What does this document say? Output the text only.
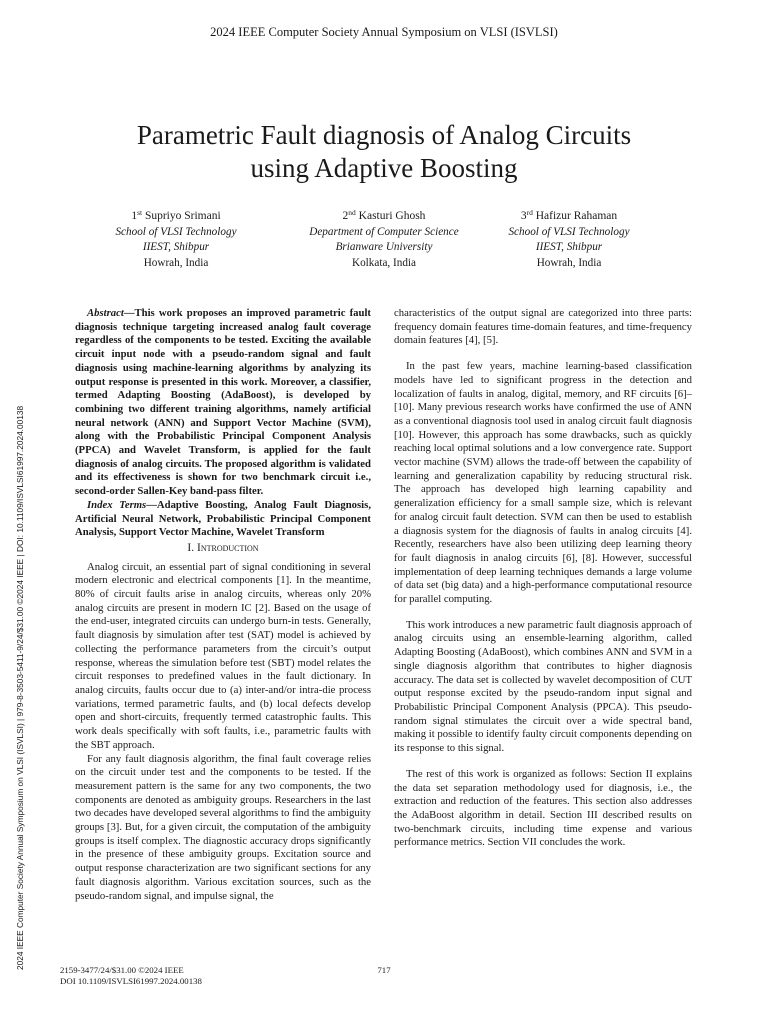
2024 IEEE Computer Society Annual Symposium on VLSI (ISVLSI)
Parametric Fault diagnosis of Analog Circuits
using Adaptive Boosting
1st Supriyo Srimani
School of VLSI Technology
IIEST, Shibpur
Howrah, India
2nd Kasturi Ghosh
Department of Computer Science
Brianware University
Kolkata, India
3rd Hafizur Rahaman
School of VLSI Technology
IIEST, Shibpur
Howrah, India
2024 IEEE Computer Society Annual Symposium on VLSI (ISVLSI) | 979-8-3503-5411-9/24/$31.00 ©2024 IEEE | DOI: 10.1109/ISVLSI61997.2024.00138

Abstract—This work proposes an improved parametric fault diagnosis technique targeting increased analog fault coverage regardless of the components to be tested. Exciting the available circuit input node with a pseudo-random signal and fault diagnosis using machine-learning algorithms by analyzing its output response is presented in this work. Moreover, a classifier, termed Adapting Boosting (AdaBoost), is developed by combining two different training algorithms, namely artificial neural network (ANN) and Support Vector Machine (SVM), along with the Probabilistic Principal Component Analysis (PPCA) and Wavelet Transform, is applied for the fault diagnosis of analog circuits. The proposed algorithm is validated and its effectiveness is shown for two benchmark circuit i.e., second-order Sallen-Key band-pass filter.

Index Terms—Adaptive Boosting, Analog Fault Diagnosis, Artificial Neural Network, Probabilistic Principal Component Analysis, Support Vector Machine, Wavelet Transform

I. Introduction

Analog circuit, an essential part of signal conditioning in several modern electronic and electrical components [1]. In the meantime, 80% of circuit faults arise in analog circuits, whereas only 20% analog circuits are present in modern IC [2]. Based on the usage of the end-user, integrated circuits can undergo burn-in tests. Generally, fault diagnosis by simulation after test (SAT) model is achieved by collecting the performance parameters from the circuit’s output response, whereas the simulation before test (SBT) model relates the circuit responses to predefined values in the fault dictionary. In analog circuits, faults occur due to (a) inter-and/or intra-die process variations, termed parametric faults, and (b) local defects develop open and short-circuits, frequently termed catastrophic faults. This work deals specifically with soft faults, i.e., parametric faults with the SBT approach.

For any fault diagnosis algorithm, the final fault coverage relies on the circuit under test and the components to be tested. If the measurement pattern is the same for any two components, the two components are denoted as ambiguity groups. Researchers in the last two decades have developed several algorithms to find the ambiguity groups [3]. But, for a given circuit, the computation of the ambiguity groups is itself complex. The diagnostic accuracy drops significantly in the presence of these ambiguity groups. Excitation source and output response characterization are two significant sections for any fault diagnosis algorithm. Various excitation sources, such as the pseudo-random signal, and impulse signal, the

characteristics of the output signal are categorized into three parts: frequency domain features time-domain features, and time-frequency domain features [4], [5].

In the past few years, machine learning-based classification models have led to significant progress in the detection and localization of faults in analog, digital, memory, and RF circuits [6]–[10]. Many previous research works have confirmed the use of ANN as a conventional diagnosis tool used in analog circuit fault diagnosis [10]. However, this approach has some drawbacks, such as quickly reaching local optimal solutions and a low convergence rate. Support vector machine (SVM) allows the trade-off between the capability of learning and generalization capability by reducing structural risk. The approach has developed high learning capability and generalization efficiency for a small sample size, which is relevant for analog circuit fault detection. SVM can then be used to establish a diagnosis system for the diagnosis of faults in analog circuits [4]. Recently, researchers have also been utilizing deep learning theory for fault diagnosis in analog circuits [6], [8]. However, successful implementation of deep learning techniques demands a large volume of data set (big data) and a high-performance computational resource for parallel computing.

This work introduces a new parametric fault diagnosis approach of analog circuits using an ensemble-learning algorithm, called Adapting Boosting (AdaBoost), which combines ANN and SVM in a single diagnosis algorithm that contributes to higher diagnosis accuracy. The data set is collected by wavelet decomposition of CUT output response excited by the pseudo-random input signal and Probabilistic Principal Component Analysis (PPCA). This pseudo-random signal stimulates the circuit over a wide spectral band, making it possible to identify faulty circuit components depending on its response to this signal.

The rest of this work is organized as follows: Section II explains the data set separation methodology used for diagnosis, i.e., the extraction and reduction of the features. This section also addresses the AdaBoost algorithm in detail. Section III described results on two-benchmark circuits, including time expense and various performance metrics. Section VII concludes the work.

2159-3477/24/$31.00 ©2024 IEEE
DOI 10.1109/ISVLSI61997.2024.00138
717
